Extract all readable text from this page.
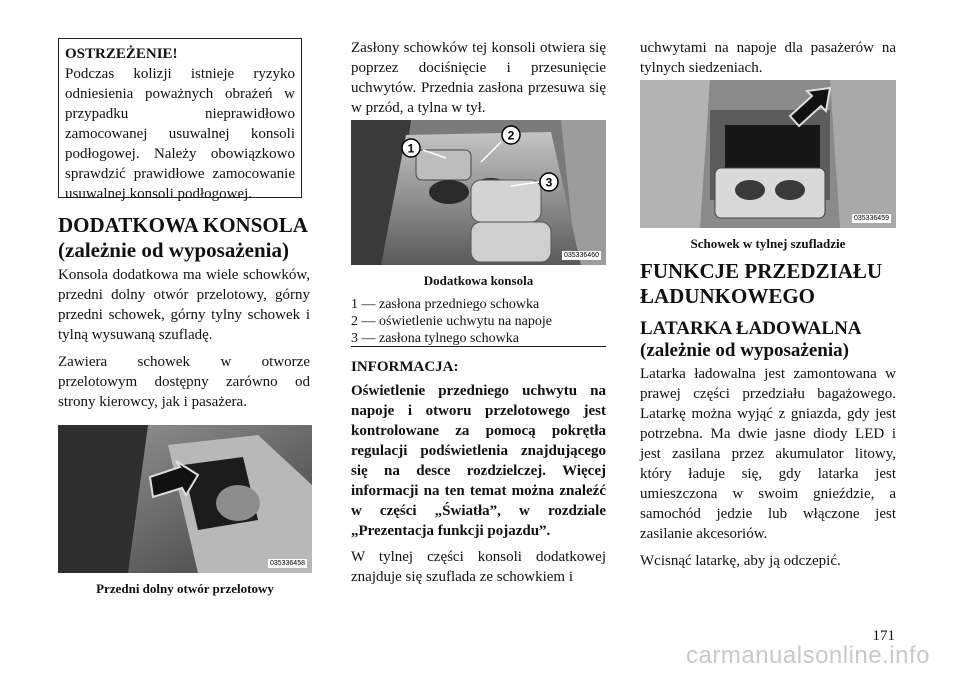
OSTRZEŻENIE!
Podczas kolizji istnieje ryzyko odniesienia poważnych obrażeń w przypadku nieprawidłowo zamocowanej usuwalnej konsoli podłogowej. Należy obowiązkowo sprawdzić prawidłowe zamocowanie usuwalnej konsoli podłogowej.
DODATKOWA KONSOLA
(zależnie od wyposażenia)

Konsola dodatkowa ma wiele schowków, przedni dolny otwór przelotowy, górny przedni schowek, górny tylny schowek i tylną wysuwaną szufladę.

Zawiera schowek w otworze przelotowym dostępny zarówno od strony kierowcy, jak i pasażera.

035336458
Przedni dolny otwór przelotowy

Zasłony schowków tej konsoli otwiera się poprzez dociśnięcie i przesunięcie uchwytów. Przednia zasłona przesuwa się w przód, a tylna w tył.

1
2
3
035336460
Dodatkowa konsola
1 — zasłona przedniego schowka
2 — oświetlenie uchwytu na napoje
3 — zasłona tylnego schowka

INFORMACJA:

Oświetlenie przedniego uchwytu na napoje i otworu przelotowego jest kontrolowane za pomocą pokrętła regulacji podświetlenia znajdującego się na desce rozdzielczej. Więcej informacji na ten temat można znaleźć w części „Światła”, w rozdziale „Prezentacja funkcji pojazdu”.

W tylnej części konsoli dodatkowej znajduje się szuflada ze schowkiem i

uchwytami na napoje dla pasażerów na tylnych siedzeniach.

035336459
Schowek w tylnej szufladzie
FUNKCJE PRZEDZIAŁU ŁADUNKOWEGO
LATARKA ŁADOWALNA
(zależnie od wyposażenia)

Latarka ładowalna jest zamontowana w prawej części przedziału bagażowego. Latarkę można wyjąć z gniazda, gdy jest potrzebna. Ma dwie jasne diody LED i jest zasilana przez akumulator litowy, który ładuje się, gdy latarka jest umieszczona w swoim gnieździe, a samochód jedzie lub włączone jest zasilanie akcesoriów.

Wcisnąć latarkę, aby ją odczepić.

171
carmanualsonline.info
